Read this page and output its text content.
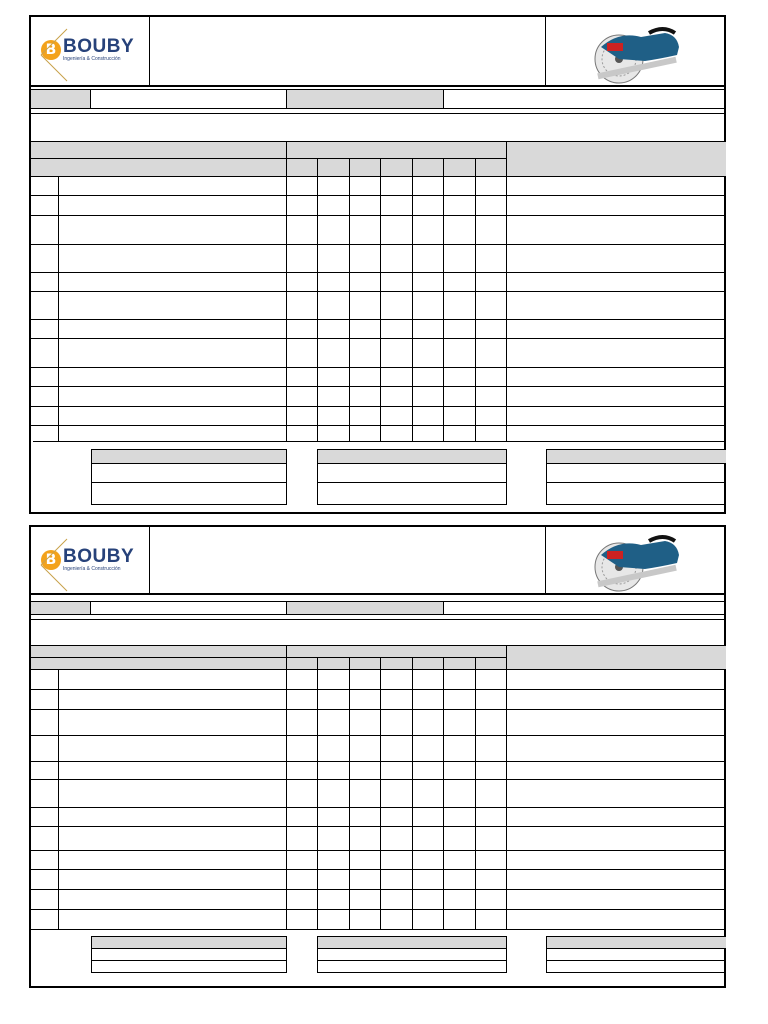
B BOUBY
Ingeniería & Construcción
B BOUBY
Ingeniería & Construcción
